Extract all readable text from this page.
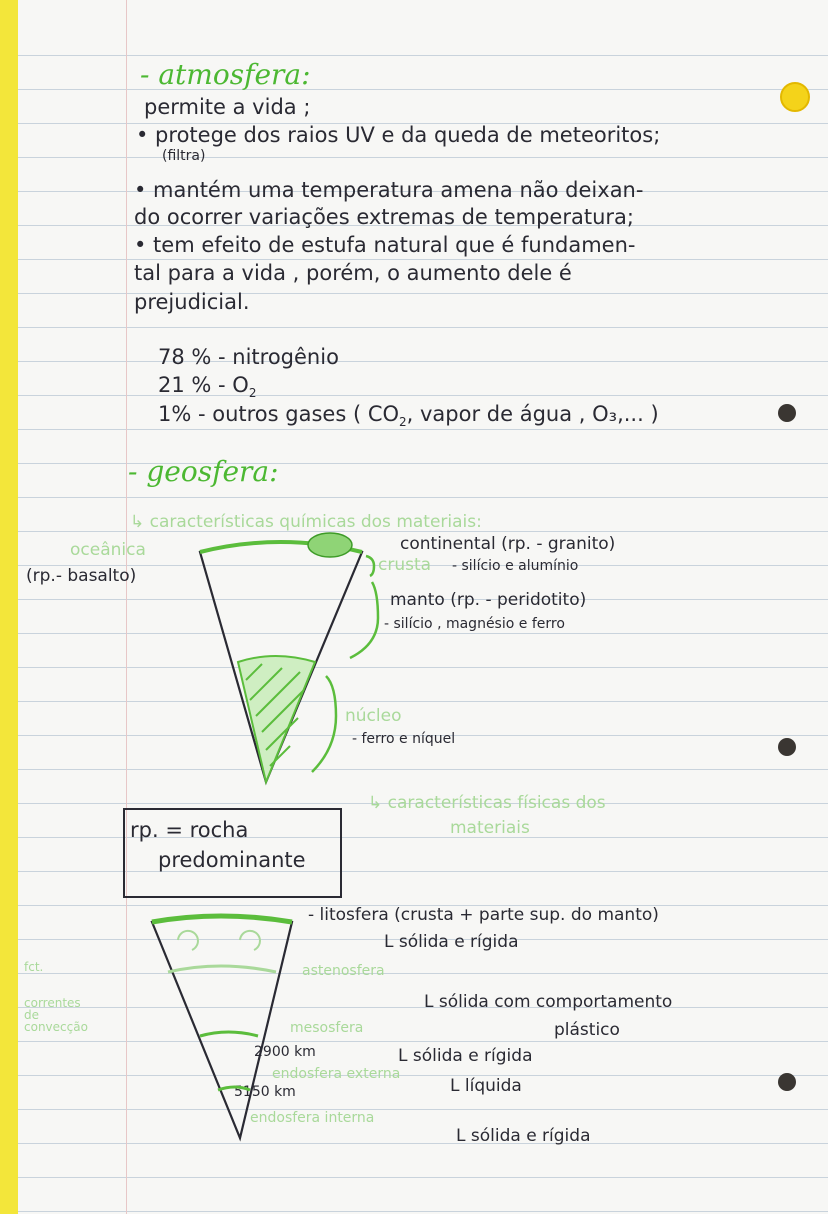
- atmosfera:
permite a vida ;
• protege dos raios UV e da queda de meteoritos;
(filtra)
• mantém uma temperatura amena não deixan-
do ocorrer variações extremas de temperatura;
• tem efeito de estufa natural que é fundamen-
tal para a vida , porém, o aumento dele é
prejudicial.
78 % - nitrogênio
21 % - $O_2$
1% - outros gases ( $CO_2$, vapor de água , O₃,... )
- geosfera:
↳ características químicas dos materiais:
oceânica
(rp.- basalto)
continental (rp. - granito)
crusta - silício e alumínio
manto (rp. - peridotito)
- silício , magnésio e ferro
núcleo
- ferro e níquel
↳ características físicas dos
materiais
rp. = rocha
predominante
- litosfera (crusta + parte sup. do manto)
L sólida e rígida
astenosfera
L sólida com comportamento
plástico
mesosfera
2900 km	L sólida e rígida
endosfera externa
L líquida
5150 km
endosfera interna
L sólida e rígida
fct.
correntes
de
convecção
